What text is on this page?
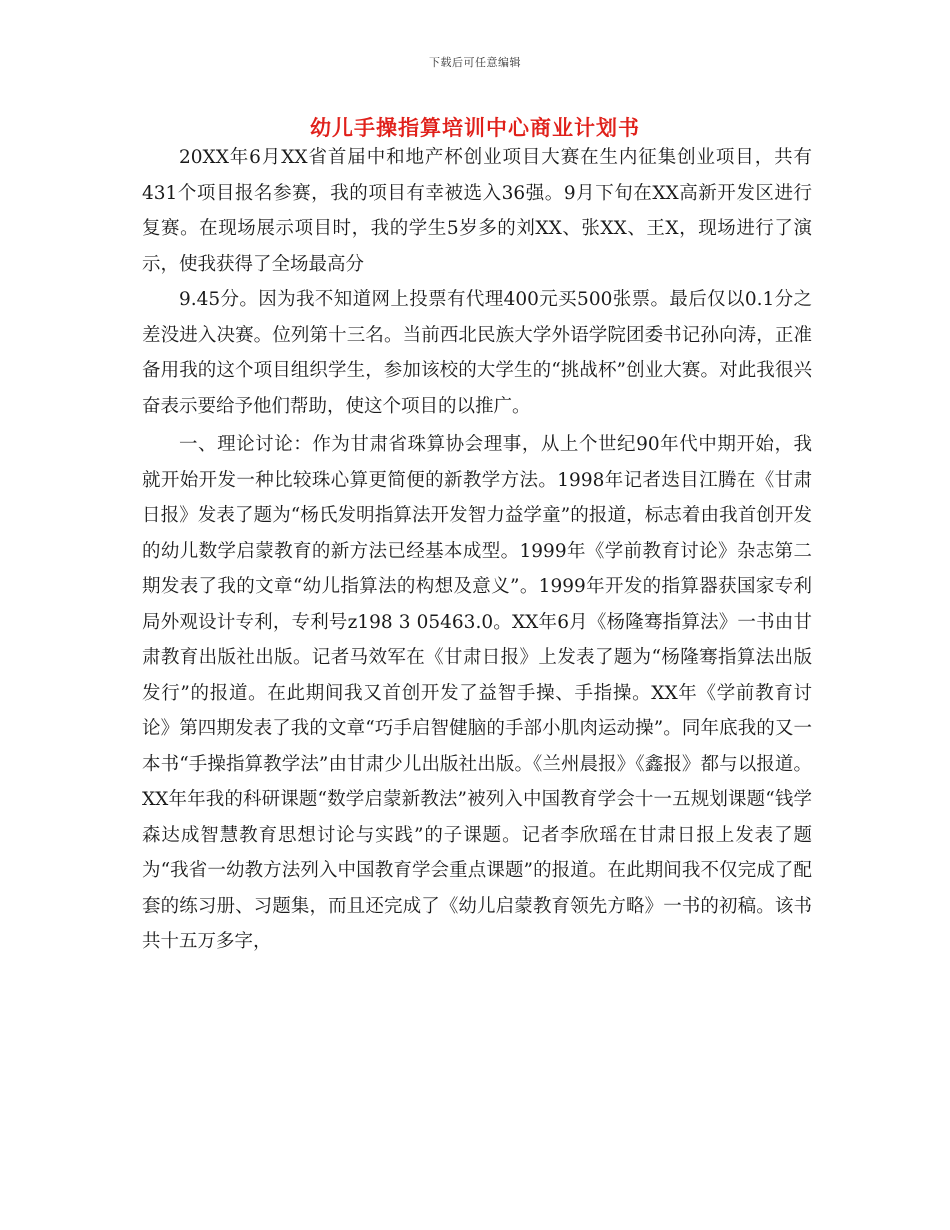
下载后可任意编辑
幼儿手操指算培训中心商业计划书

20XX年6月XX省首届中和地产杯创业项目大赛在生内征集创业项目，共有431个项目报名参赛，我的项目有幸被选入36强。9月下旬在XX高新开发区进行复赛。在现场展示项目时，我的学生5岁多的刘XX、张XX、王X，现场进行了演示，使我获得了全场最高分

9.45分。因为我不知道网上投票有代理400元买500张票。最后仅以0.1分之差没进入决赛。位列第十三名。当前西北民族大学外语学院团委书记孙向涛，正准备用我的这个项目组织学生，参加该校的大学生的“挑战杯”创业大赛。对此我很兴奋表示要给予他们帮助，使这个项目的以推广。

一、理论讨论：作为甘肃省珠算协会理事，从上个世纪90年代中期开始，我就开始开发一种比较珠心算更简便的新教学方法。1998年记者迭目江腾在《甘肃日报》发表了题为“杨氏发明指算法开发智力益学童”的报道，标志着由我首创开发的幼儿数学启蒙教育的新方法已经基本成型。1999年《学前教育讨论》杂志第二期发表了我的文章“幼儿指算法的构想及意义”。1999年开发的指算器获国家专利局外观设计专利，专利号z198 3 05463.0。XX年6月《杨隆骞指算法》一书由甘肃教育出版社出版。记者马效军在《甘肃日报》上发表了题为“杨隆骞指算法出版发行”的报道。在此期间我又首创开发了益智手操、手指操。XX年《学前教育讨论》第四期发表了我的文章“巧手启智健脑的手部小肌肉运动操”。同年底我的又一本书“手操指算教学法”由甘肃少儿出版社出版。《兰州晨报》《鑫报》都与以报道。XX年年我的科研课题“数学启蒙新教法”被列入中国教育学会十一五规划课题“钱学森达成智慧教育思想讨论与实践”的子课题。记者李欣瑶在甘肃日报上发表了题为“我省一幼教方法列入中国教育学会重点课题”的报道。在此期间我不仅完成了配套的练习册、习题集，而且还完成了《幼儿启蒙教育领先方略》一书的初稿。该书共十五万多字，
